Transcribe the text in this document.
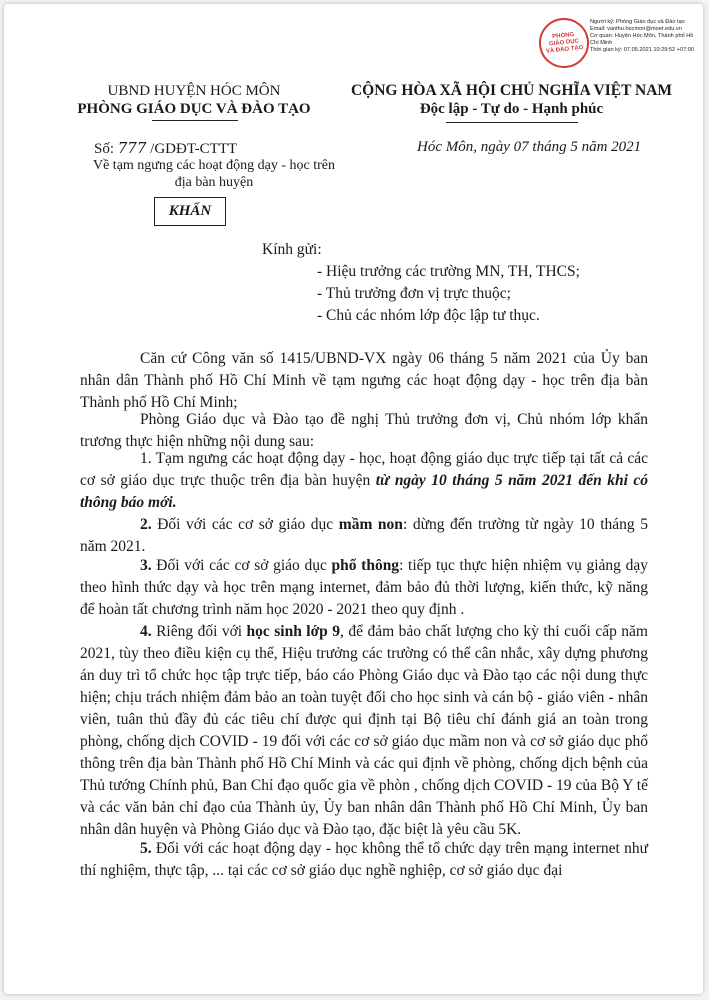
PHÒNG
GIÁO DỤC
VÀ ĐÀO TẠO
Người ký: Phòng Giáo dục và Đào tạo
Email: vanthu.hocmon@moet.edu.vn
Cơ quan: Huyện Hóc Môn, Thành phố Hồ Chí Minh
Thời gian ký: 07.05.2021 10:29:52 +07:00
UBND HUYỆN HÓC MÔN
PHÒNG GIÁO DỤC VÀ ĐÀO TẠO
CỘNG HÒA XÃ HỘI CHỦ NGHĨA VIỆT NAM
Độc lập - Tự do - Hạnh phúc
Số: 777 /GDĐT-CTTT
Về tạm ngưng các hoạt động dạy - học trên
địa bàn huyện
Hóc Môn, ngày 07 tháng 5 năm 2021
KHẨN
Kính gửi:
- Hiệu trưởng các trường MN, TH, THCS;
- Thủ trưởng đơn vị trực thuộc;
- Chủ các nhóm lớp độc lập tư thục.
Căn cứ Công văn số 1415/UBND-VX ngày 06 tháng 5 năm 2021 của Ủy ban nhân dân Thành phố Hồ Chí Minh về tạm ngưng các hoạt động dạy - học trên địa bàn Thành phố Hồ Chí Minh;
Phòng Giáo dục và Đào tạo đề nghị Thủ trưởng đơn vị, Chủ nhóm lớp khẩn trương thực hiện những nội dung sau:
1. Tạm ngưng các hoạt động dạy - học, hoạt động giáo dục trực tiếp tại tất cả các cơ sở giáo dục trực thuộc trên địa bàn huyện từ ngày 10 tháng 5 năm 2021 đến khi có thông báo mới.
2. Đối với các cơ sở giáo dục mầm non: dừng đến trường từ ngày 10 tháng 5 năm 2021.
3. Đối với các cơ sở giáo dục phổ thông: tiếp tục thực hiện nhiệm vụ giảng dạy theo hình thức dạy và học trên mạng internet, đảm bảo đủ thời lượng, kiến thức, kỹ năng để hoàn tất chương trình năm học 2020 - 2021 theo quy định .
4. Riêng đối với học sinh lớp 9, để đảm bảo chất lượng cho kỳ thi cuối cấp năm 2021, tùy theo điều kiện cụ thể, Hiệu trưởng các trường có thể cân nhắc, xây dựng phương án duy trì tổ chức học tập trực tiếp, báo cáo Phòng Giáo dục và Đào tạo các nội dung thực hiện; chịu trách nhiệm đảm bảo an toàn tuyệt đối cho học sinh và cán bộ - giáo viên - nhân viên, tuân thủ đầy đủ các tiêu chí được qui định tại Bộ tiêu chí đánh giá an toàn trong phòng, chống dịch COVID - 19 đối với các cơ sở giáo dục mầm non và cơ sở giáo dục phổ thông trên địa bàn Thành phố Hồ Chí Minh và các qui định về phòng, chống dịch bệnh của Thủ tướng Chính phủ, Ban Chỉ đạo quốc gia về phòn , chống dịch COVID - 19 của Bộ Y tế và các văn bản chỉ đạo của Thành ủy, Ủy ban nhân dân Thành phố Hồ Chí Minh, Ủy ban nhân dân huyện và Phòng Giáo dục và Đào tạo, đặc biệt là yêu cầu 5K.
5. Đối với các hoạt động dạy - học không thể tổ chức dạy trên mạng internet như thí nghiệm, thực tập, ... tại các cơ sở giáo dục nghề nghiệp, cơ sở giáo dục đại
